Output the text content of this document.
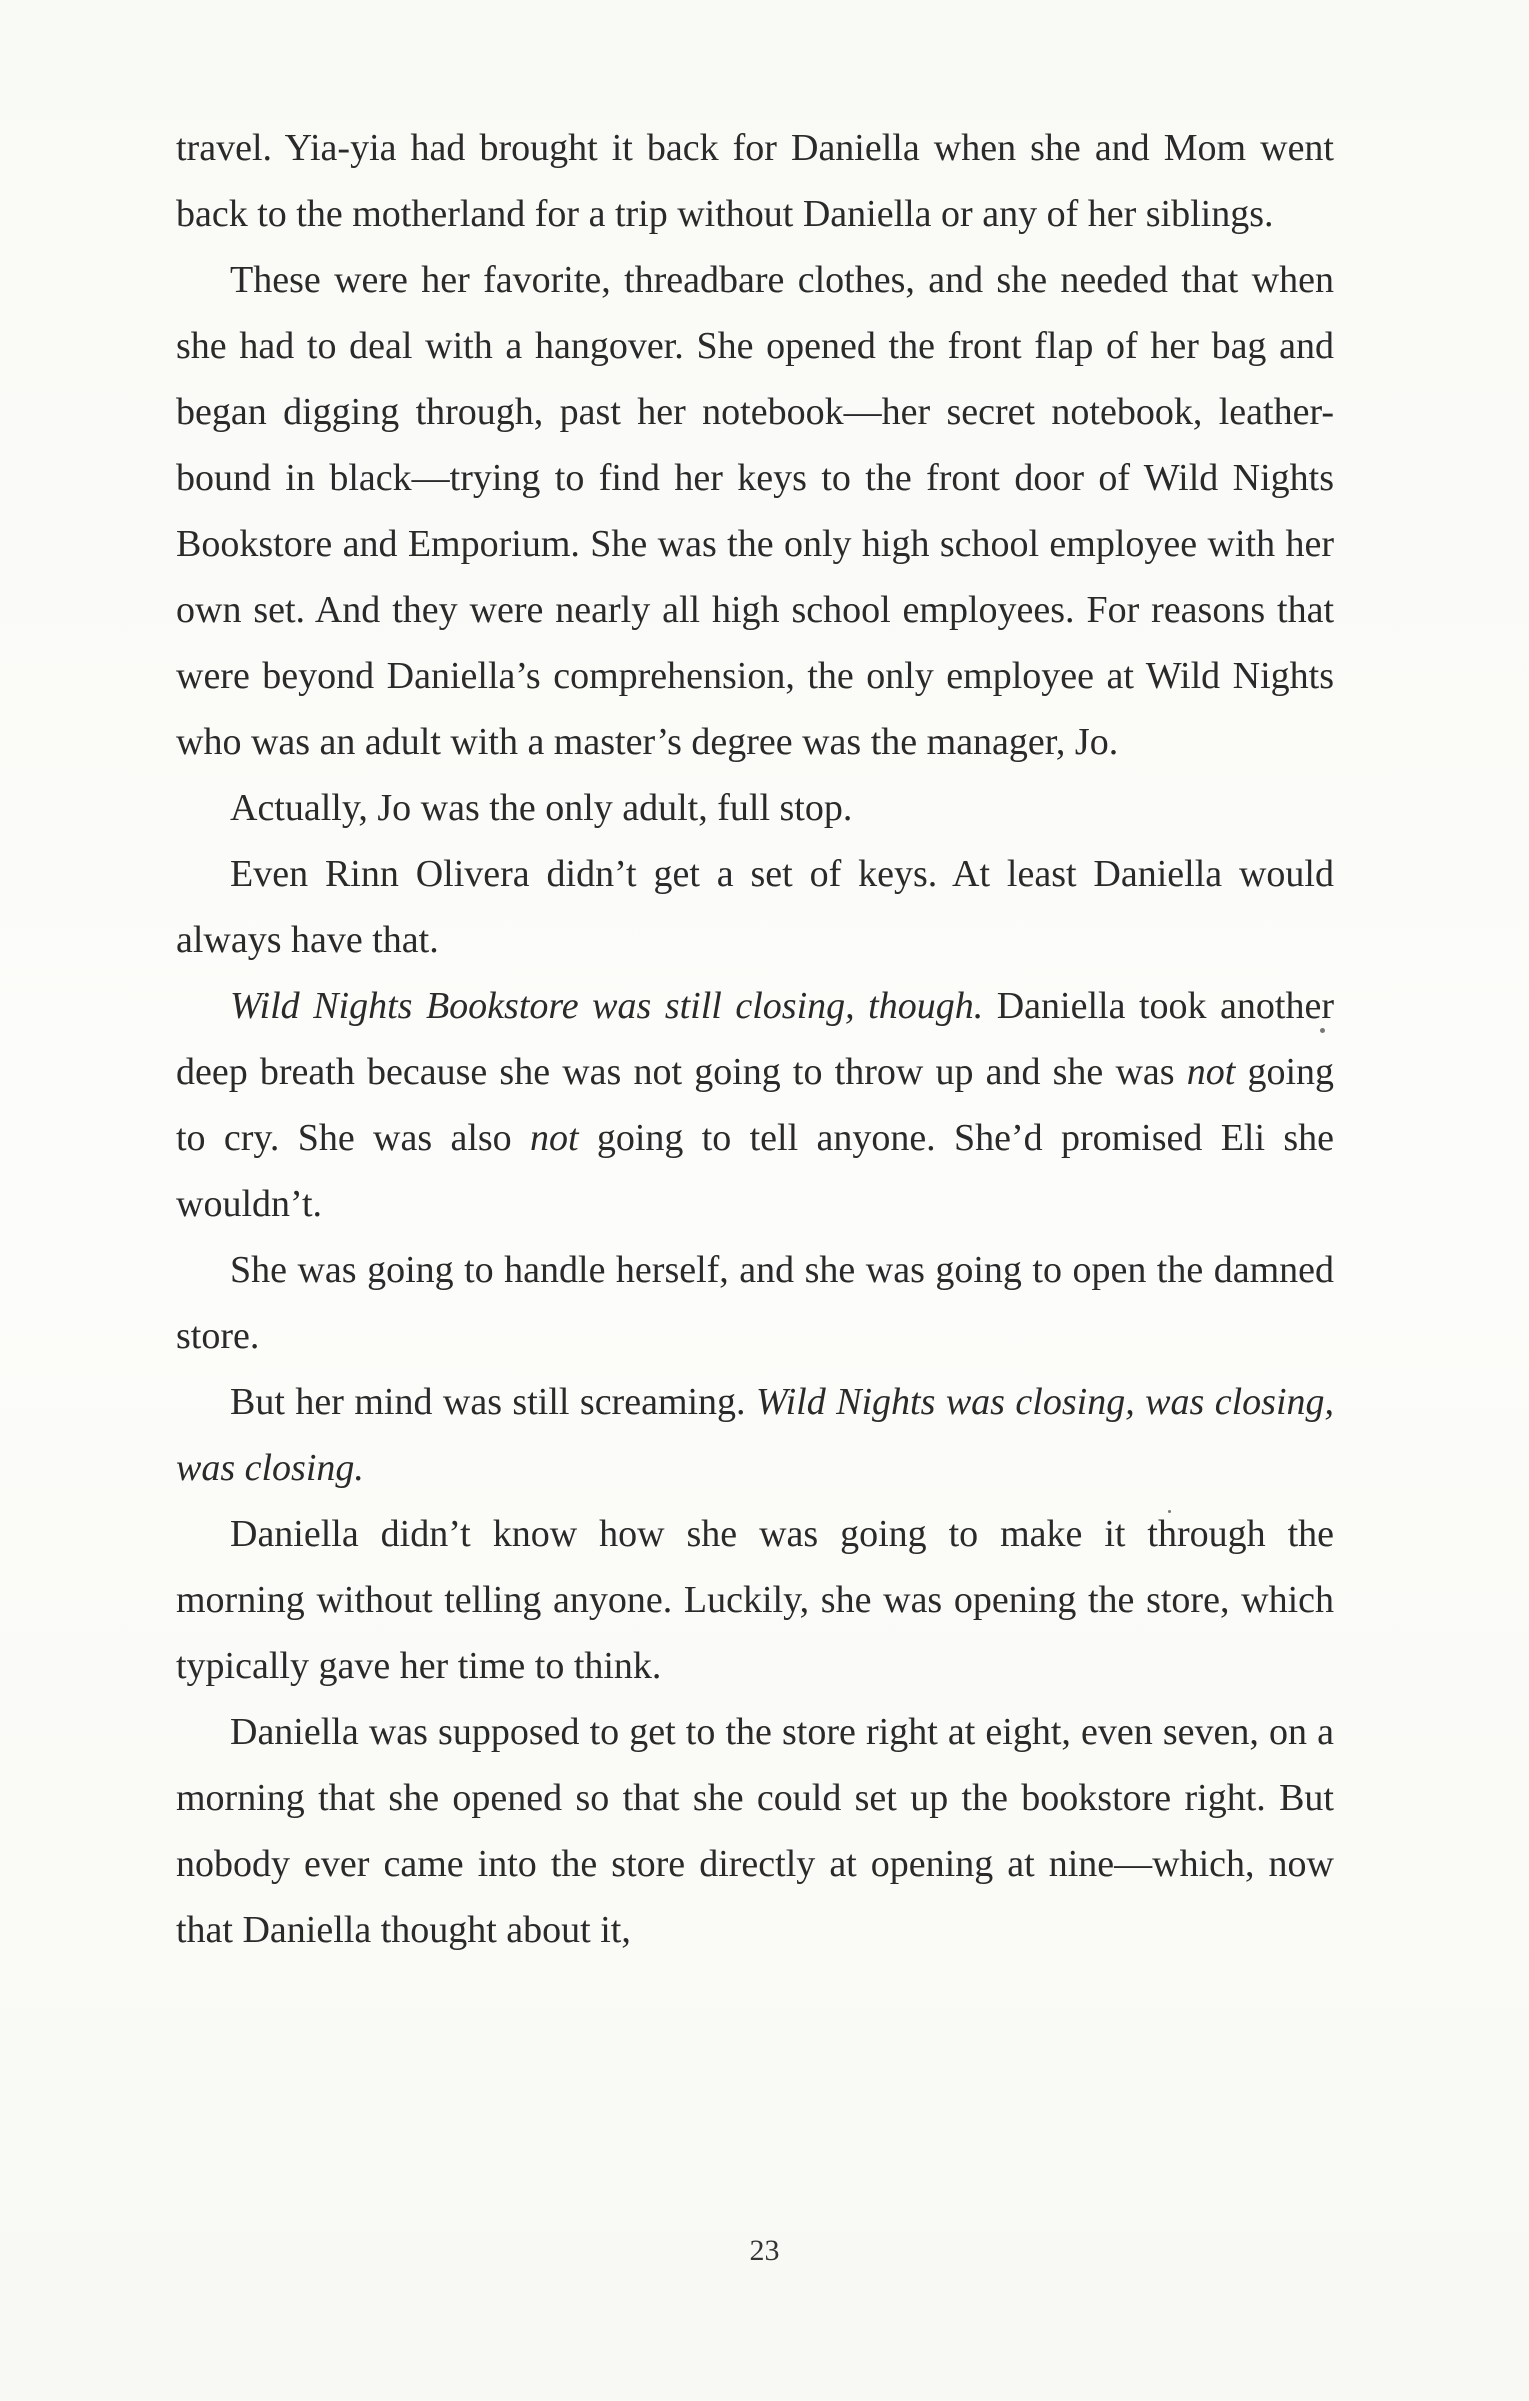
travel. Yia-yia had brought it back for Daniella when she and Mom went back to the motherland for a trip without Daniella or any of her siblings.

These were her favorite, threadbare clothes, and she needed that when she had to deal with a hangover. She opened the front flap of her bag and began digging through, past her notebook—her secret notebook, leather-bound in black—trying to find her keys to the front door of Wild Nights Bookstore and Emporium. She was the only high school employee with her own set. And they were nearly all high school employees. For reasons that were beyond Daniella’s comprehension, the only employee at Wild Nights who was an adult with a master’s degree was the manager, Jo.

Actually, Jo was the only adult, full stop.

Even Rinn Olivera didn’t get a set of keys. At least Daniella would always have that.

Wild Nights Bookstore was still closing, though. Daniella took another deep breath because she was not going to throw up and she was not going to cry. She was also not going to tell anyone. She’d promised Eli she wouldn’t.

She was going to handle herself, and she was going to open the damned store.

But her mind was still screaming. Wild Nights was closing, was closing, was closing.

Daniella didn’t know how she was going to make it through the morning without telling anyone. Luckily, she was opening the store, which typically gave her time to think.

Daniella was supposed to get to the store right at eight, even seven, on a morning that she opened so that she could set up the bookstore right. But nobody ever came into the store directly at opening at nine—which, now that Daniella thought about it,

23
